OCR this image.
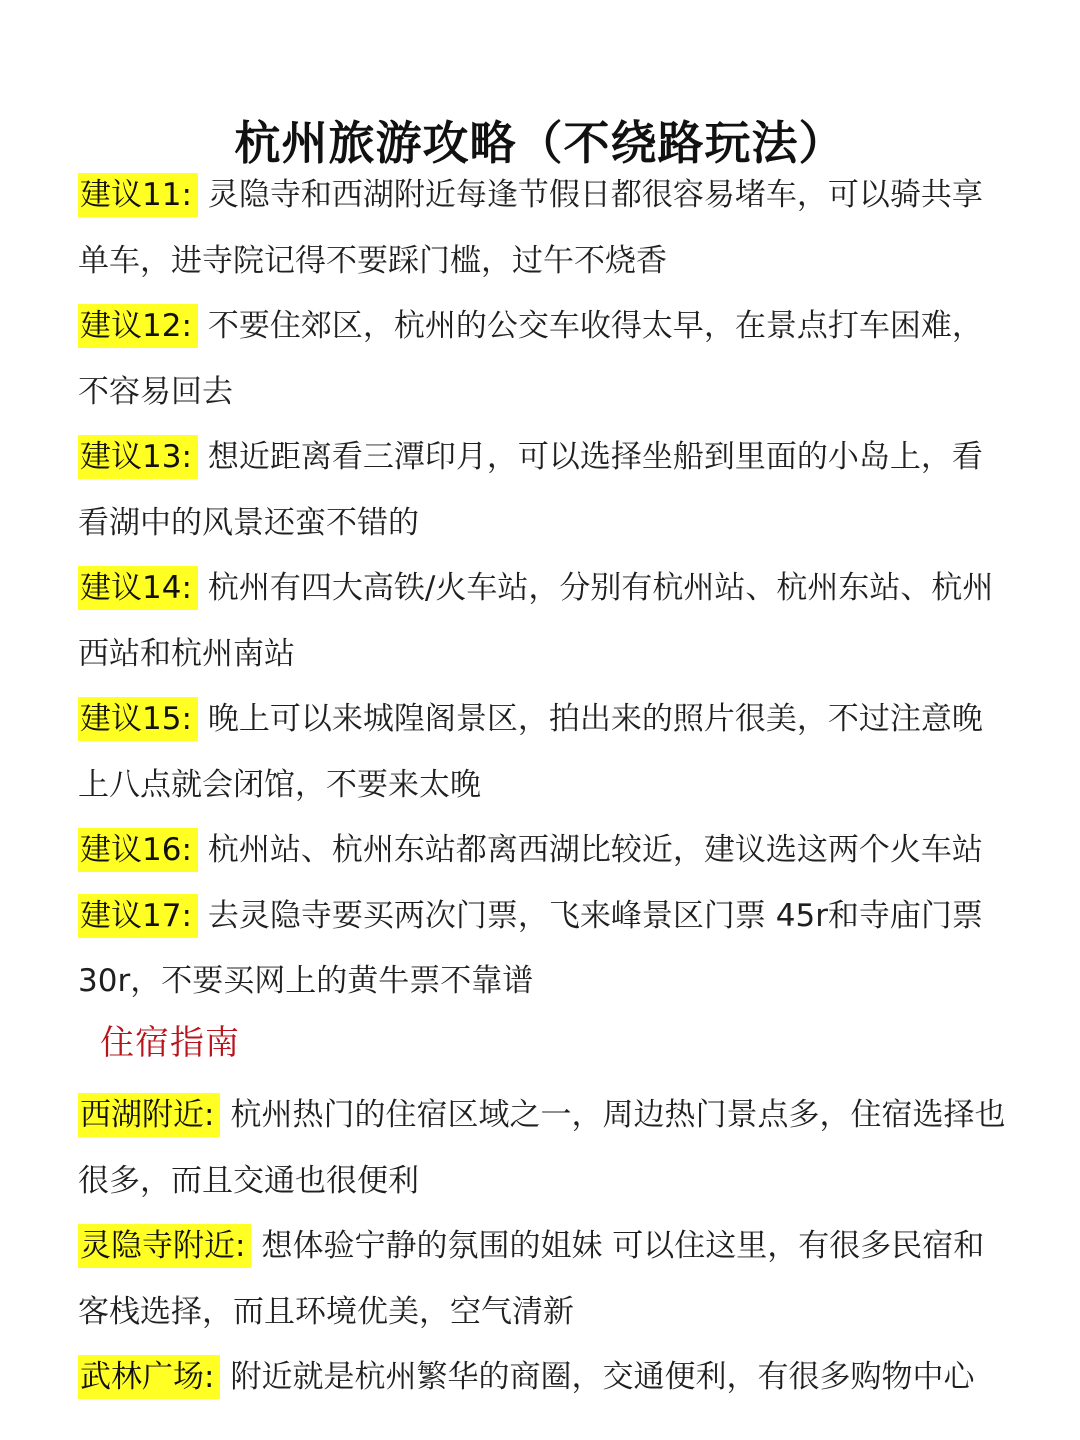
杭州旅游攻略（不绕路玩法）

建议11: 灵隐寺和西湖附近每逢节假日都很容易堵车，可以骑共享单车，进寺院记得不要踩门槛，过午不烧香

建议12: 不要住郊区，杭州的公交车收得太早，在景点打车困难，不容易回去

建议13: 想近距离看三潭印月，可以选择坐船到里面的小岛上，看看湖中的风景还蛮不错的

建议14: 杭州有四大高铁/火车站，分别有杭州站、杭州东站、杭州西站和杭州南站

建议15: 晚上可以来城隍阁景区，拍出来的照片很美，不过注意晚上八点就会闭馆，不要来太晚

建议16: 杭州站、杭州东站都离西湖比较近，建议选这两个火车站

建议17: 去灵隐寺要买两次门票，飞来峰景区门票 45r和寺庙门票30r，不要买网上的黄牛票不靠谱

住宿指南

西湖附近: 杭州热门的住宿区域之一，周边热门景点多，住宿选择也很多，而且交通也很便利

灵隐寺附近: 想体验宁静的氛围的姐妹 可以住这里，有很多民宿和客栈选择，而且环境优美，空气清新

武林广场: 附近就是杭州繁华的商圈，交通便利，有很多购物中心
